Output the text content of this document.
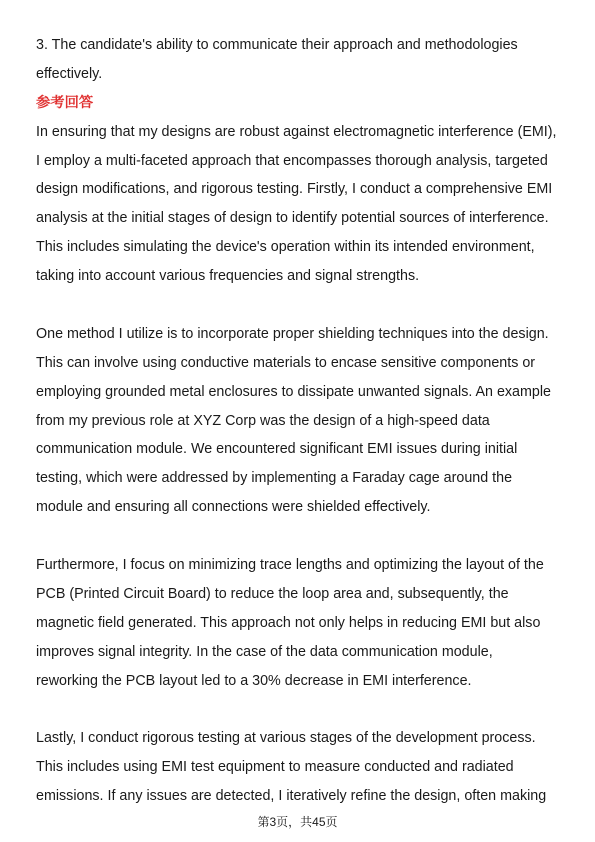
3. The candidate's ability to communicate their approach and methodologies
effectively.
参考回答
In ensuring that my designs are robust against electromagnetic interference (EMI),
I employ a multi-faceted approach that encompasses thorough analysis, targeted
design modifications, and rigorous testing. Firstly, I conduct a comprehensive EMI
analysis at the initial stages of design to identify potential sources of interference.
This includes simulating the device's operation within its intended environment,
taking into account various frequencies and signal strengths.
One method I utilize is to incorporate proper shielding techniques into the design.
This can involve using conductive materials to encase sensitive components or
employing grounded metal enclosures to dissipate unwanted signals. An example
from my previous role at XYZ Corp was the design of a high-speed data
communication module. We encountered significant EMI issues during initial
testing, which were addressed by implementing a Faraday cage around the
module and ensuring all connections were shielded effectively.
Furthermore, I focus on minimizing trace lengths and optimizing the layout of the
PCB (Printed Circuit Board) to reduce the loop area and, subsequently, the
magnetic field generated. This approach not only helps in reducing EMI but also
improves signal integrity. In the case of the data communication module,
reworking the PCB layout led to a 30% decrease in EMI interference.
Lastly, I conduct rigorous testing at various stages of the development process.
This includes using EMI test equipment to measure conducted and radiated
emissions. If any issues are detected, I iteratively refine the design, often making
第3页，共45页
